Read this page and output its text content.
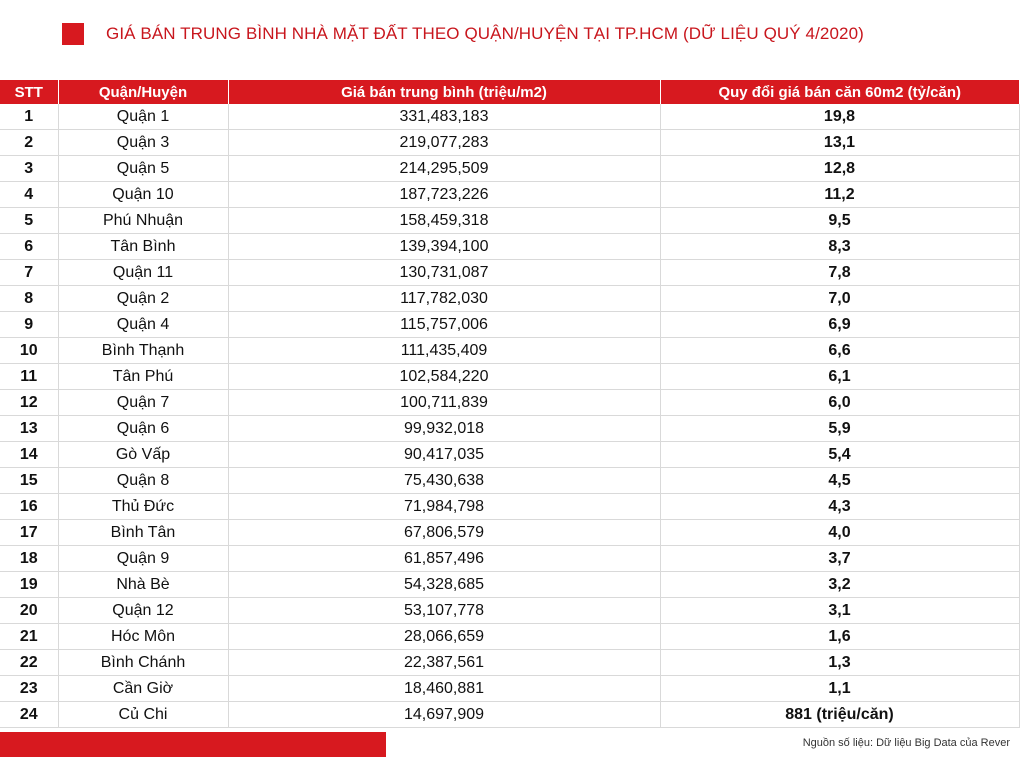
GIÁ BÁN TRUNG BÌNH NHÀ MẶT ĐẤT THEO QUẬN/HUYỆN TẠI TP.HCM (DỮ LIỆU QUÝ 4/2020)
STT	Quận/Huyện	Giá bán trung bình (triệu/m2)	Quy đổi giá bán căn 60m2 (tỷ/căn)
1	Quận 1	331,483,183	19,8
2	Quận 3	219,077,283	13,1
3	Quận 5	214,295,509	12,8
4	Quận 10	187,723,226	11,2
5	Phú Nhuận	158,459,318	9,5
6	Tân Bình	139,394,100	8,3
7	Quận 11	130,731,087	7,8
8	Quận 2	117,782,030	7,0
9	Quận 4	115,757,006	6,9
10	Bình Thạnh	111,435,409	6,6
11	Tân Phú	102,584,220	6,1
12	Quận 7	100,711,839	6,0
13	Quận 6	99,932,018	5,9
14	Gò Vấp	90,417,035	5,4
15	Quận 8	75,430,638	4,5
16	Thủ Đức	71,984,798	4,3
17	Bình Tân	67,806,579	4,0
18	Quận 9	61,857,496	3,7
19	Nhà Bè	54,328,685	3,2
20	Quận 12	53,107,778	3,1
21	Hóc Môn	28,066,659	1,6
22	Bình Chánh	22,387,561	1,3
23	Cần Giờ	18,460,881	1,1
24	Củ Chi	14,697,909	881 (triệu/căn)
Nguồn số liệu: Dữ liệu Big Data của Rever
